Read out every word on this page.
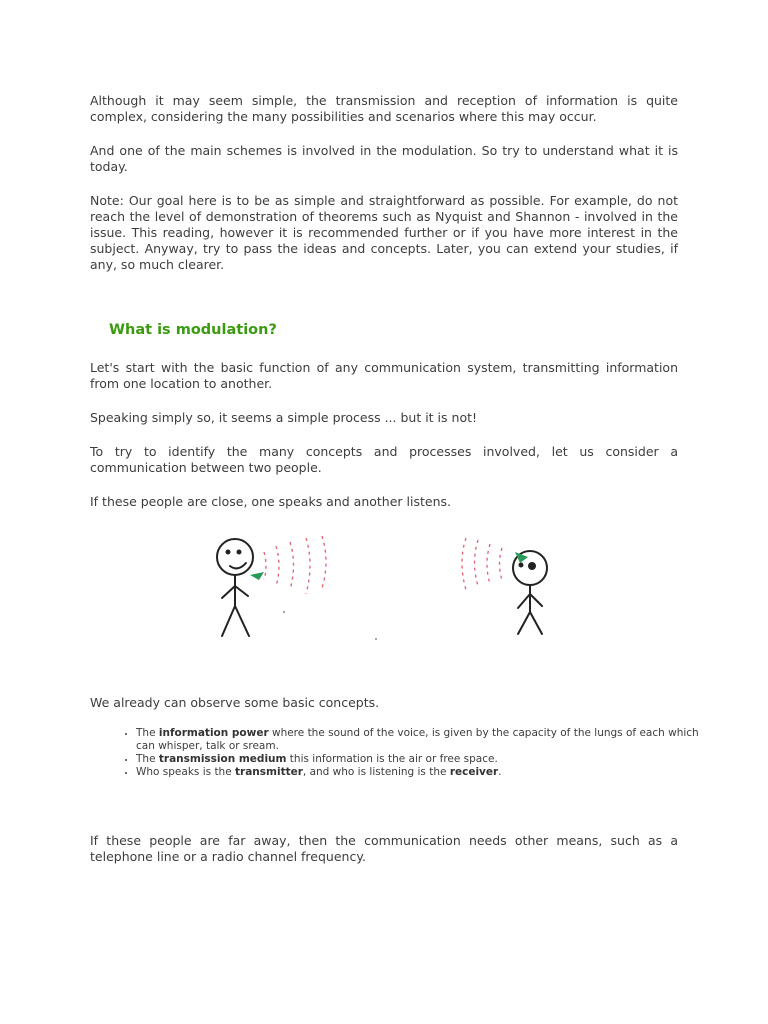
Although it may seem simple, the transmission and reception of information is quite complex, considering the many possibilities and scenarios where this may occur.

And one of the main schemes is involved in the modulation. So try to understand what it is today.

Note: Our goal here is to be as simple and straightforward as possible. For example, do not reach the level of demonstration of theorems such as Nyquist and Shannon - involved in the issue. This reading, however it is recommended further or if you have more interest in the subject. Anyway, try to pass the ideas and concepts. Later, you can extend your studies, if any, so much clearer.

What is modulation?

Let's start with the basic function of any communication system, transmitting information from one location to another.

Speaking simply so, it seems a simple process ... but it is not!

To try to identify the many concepts and processes involved, let us consider a communication between two people.

If these people are close, one speaks and another listens.

We already can observe some basic concepts.

• The information power where the sound of the voice, is given by the capacity of the lungs of each which can whisper, talk or sream.
• The transmission medium this information is the air or free space.
• Who speaks is the transmitter, and who is listening is the receiver.

If these people are far away, then the communication needs other means, such as a telephone line or a radio channel frequency.
